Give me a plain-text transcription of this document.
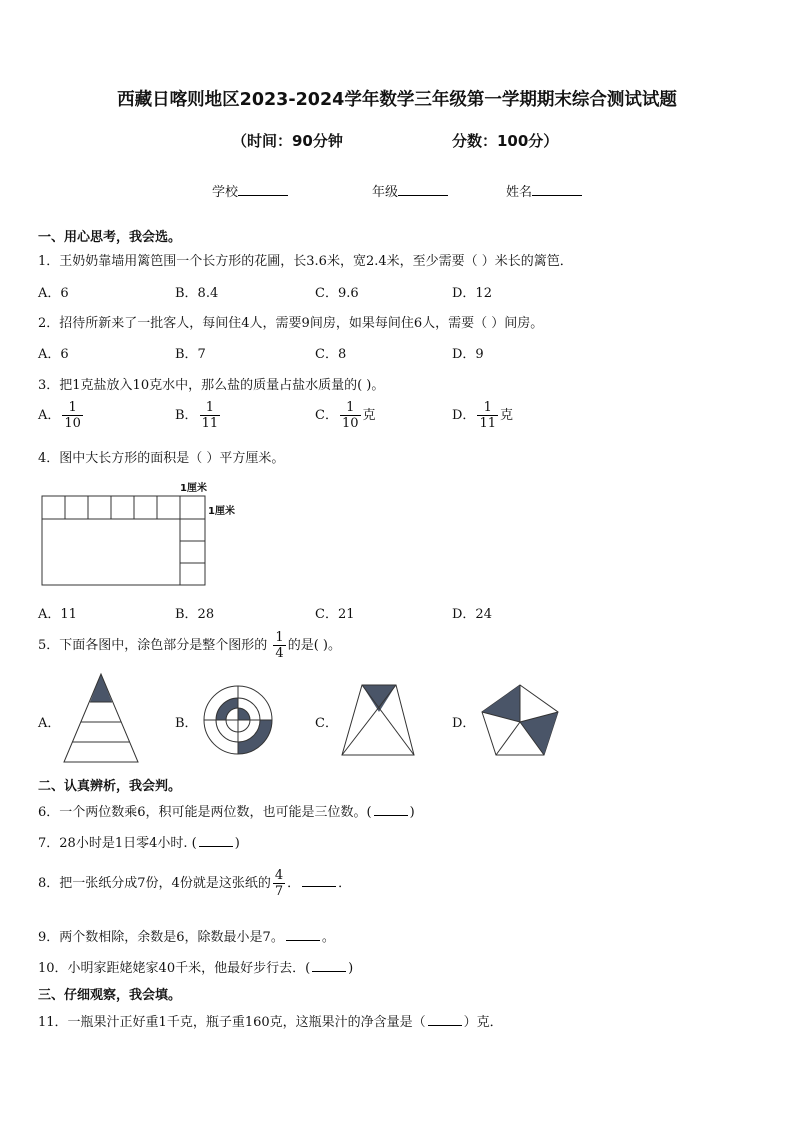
西藏日喀则地区2023-2024学年数学三年级第一学期期末综合测试试题
（时间：90分钟	分数：100分）
学校	年级	姓名
一、用心思考，我会选。
1．王奶奶靠墙用篱笆围一个长方形的花圃，长3.6米，宽2.4米，至少需要（ ）米长的篱笆．
A．6	B．8.4	C．9.6	D．12
2．招待所新来了一批客人，每间住4人，需要9间房，如果每间住6人，需要（ ）间房。
A．6	B．7	C．8	D．9
3．把1克盐放入10克水中，那么盐的质量占盐水质量的( )。
A． $\frac{1}{10}$	B． $\frac{1}{11}$	C． $\frac{1}{10}$ 克	D． $\frac{1}{11}$ 克
4．图中大长方形的面积是（ ）平方厘米。
1厘米
1厘米
A．11	B．28	C．21	D．24
5．下面各图中，涂色部分是整个图形的 $\frac{1}{4}$ 的是( )。
A．	B．	C．	D．
二、认真辨析，我会判。
6．一个两位数乘6，积可能是两位数，也可能是三位数。(	)
7．28小时是1日零4小时. (	)
8．把一张纸分成7份，4份就是这张纸的 $\frac{4}{7}$ ．	．
9．两个数相除，余数是6，除数最小是7。	。
10．小明家距姥姥家40千米，他最好步行去．(	)
三、仔细观察，我会填。
11．一瓶果汁正好重1千克，瓶子重160克，这瓶果汁的净含量是（	）克．
